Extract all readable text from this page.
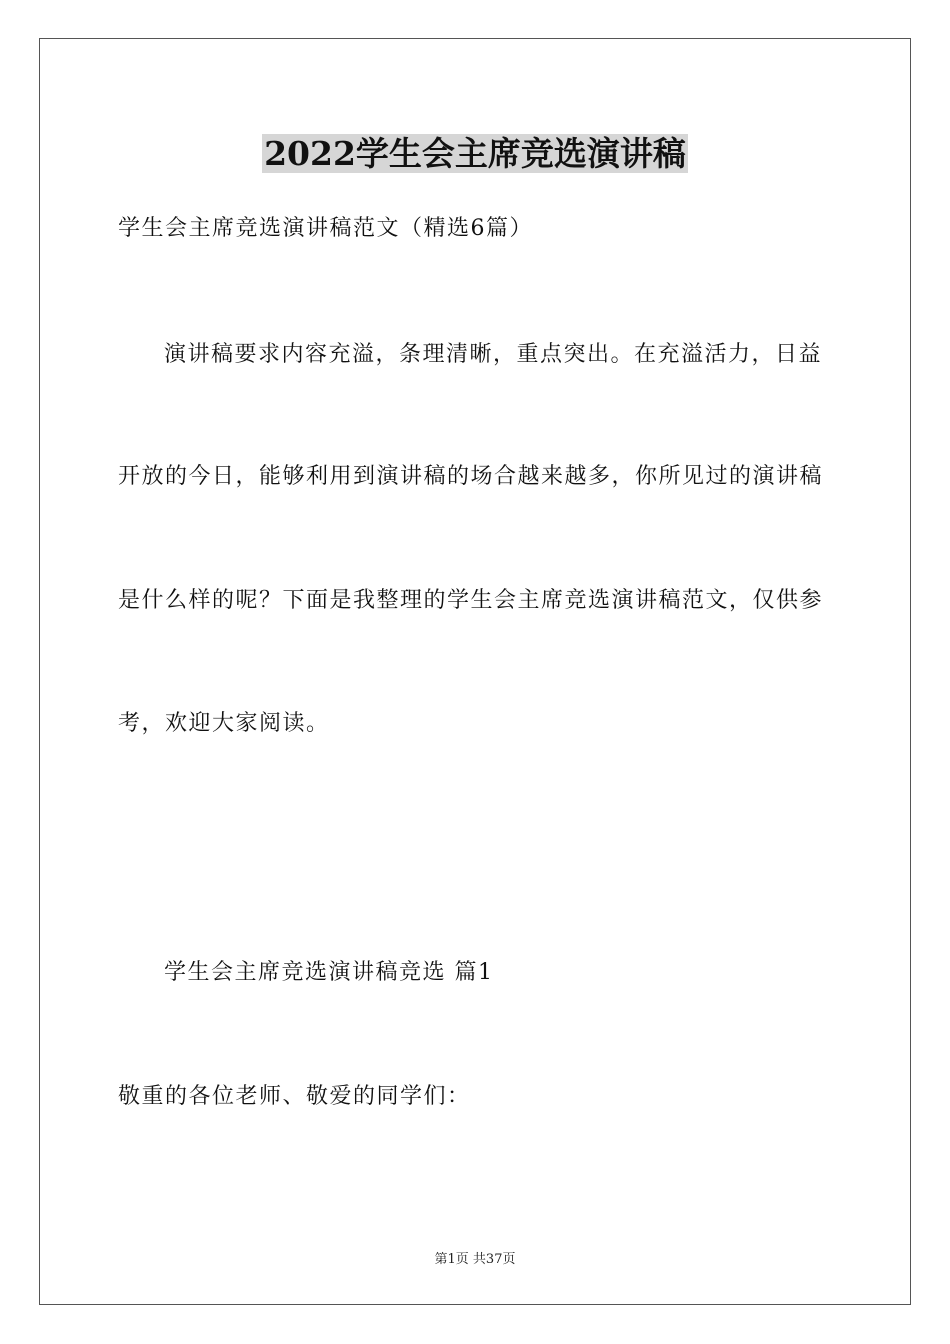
2022学生会主席竞选演讲稿
学生会主席竞选演讲稿范文（精选6篇）
演讲稿要求内容充溢，条理清晰，重点突出。在充溢活力，日益
开放的今日，能够利用到演讲稿的场合越来越多，你所见过的演讲稿
是什么样的呢？下面是我整理的学生会主席竞选演讲稿范文，仅供参
考，欢迎大家阅读。
学生会主席竞选演讲稿竞选 篇1
敬重的各位老师、敬爱的同学们：
第1页 共37页
